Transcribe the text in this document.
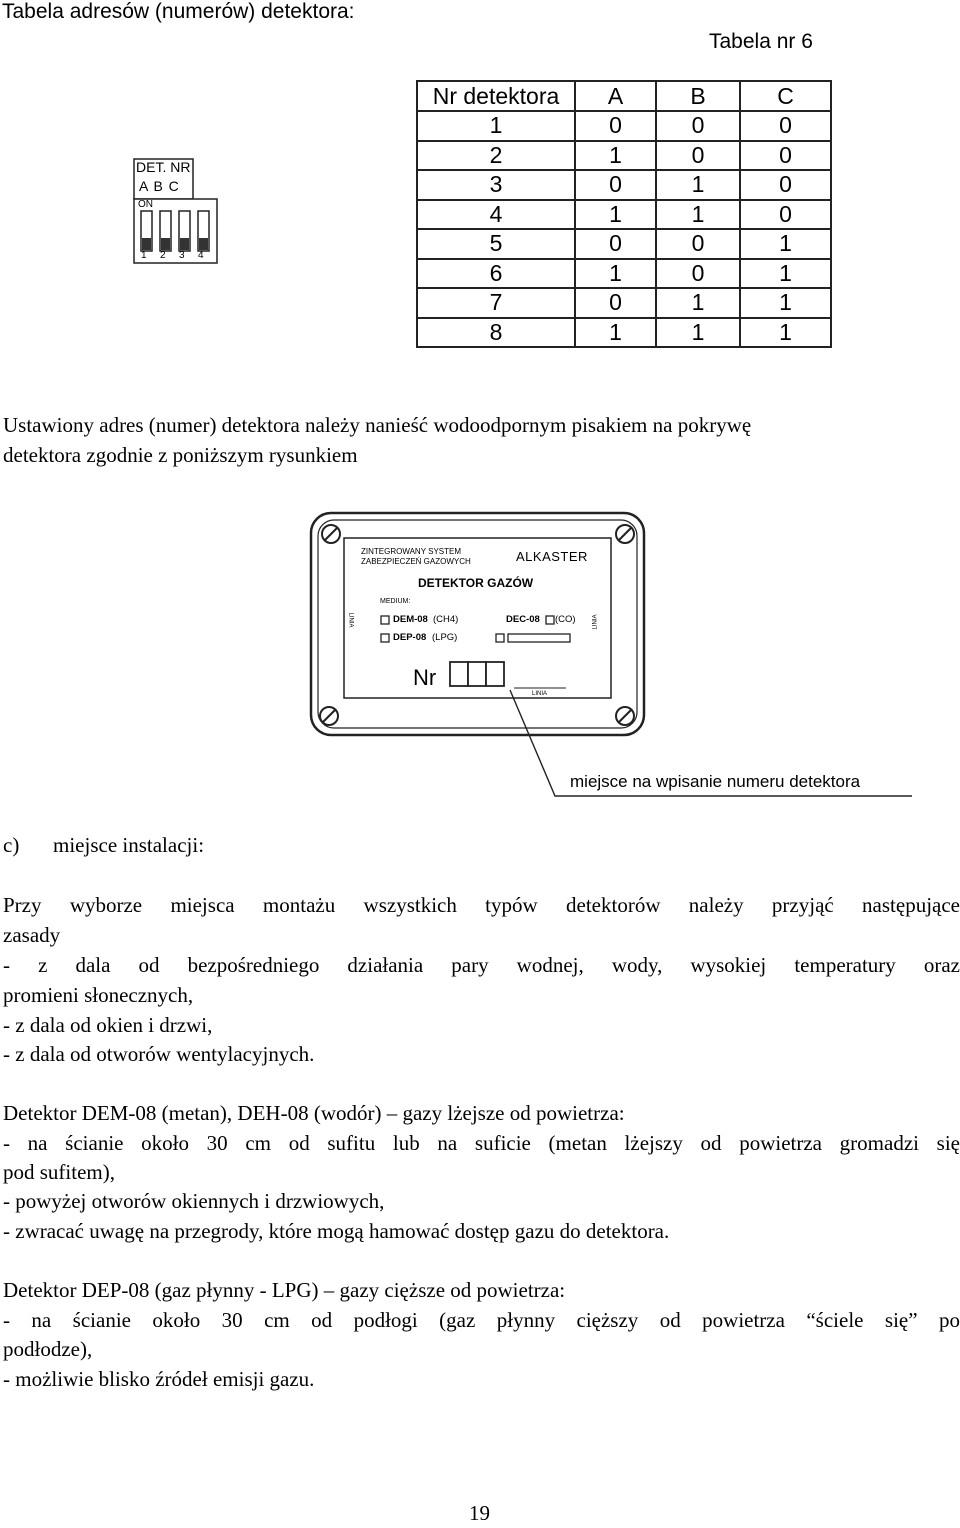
Tabela adresów (numerów) detektora:
Tabela nr 6
DET. NR
A B C
ON
1 2 3 4
Nr detektora	A	B	C
1	0	0	0
2	1	0	0
3	0	1	0
4	1	1	0
5	0	0	1
6	1	0	1
7	0	1	1
8	1	1	1
Ustawiony adres (numer) detektora należy nanieść wodoodpornym pisakiem na pokrywę
detektora zgodnie z poniższym rysunkiem
ZINTEGROWANY SYSTEM
ZABEZPIECZEŃ GAZOWYCH	ALKASTER
DETEKTOR GAZÓW
MEDIUM:
DEM-08 (CH4)
DEP-08 (LPG)
DEC-08 (CO)
LINIA	LINIA
Nr
LINIA
miejsce na wpisanie numeru detektora
c) miejsce instalacji:
Przy wyborze miejsca montażu wszystkich typów detektorów należy przyjąć następujące
zasady
- z dala od bezpośredniego działania pary wodnej, wody, wysokiej temperatury oraz
promieni słonecznych,
- z dala od okien i drzwi,
- z dala od otworów wentylacyjnych.
Detektor DEM-08 (metan), DEH-08 (wodór) – gazy lżejsze od powietrza:
- na ścianie około 30 cm od sufitu lub na suficie (metan lżejszy od powietrza gromadzi się
pod sufitem),
- powyżej otworów okiennych i drzwiowych,
- zwracać uwagę na przegrody, które mogą hamować dostęp gazu do detektora.
Detektor DEP-08 (gaz płynny - LPG) – gazy cięższe od powietrza:
- na ścianie około 30 cm od podłogi (gaz płynny cięższy od powietrza “ściele się” po
podłodze),
- możliwie blisko źródeł emisji gazu.
19
